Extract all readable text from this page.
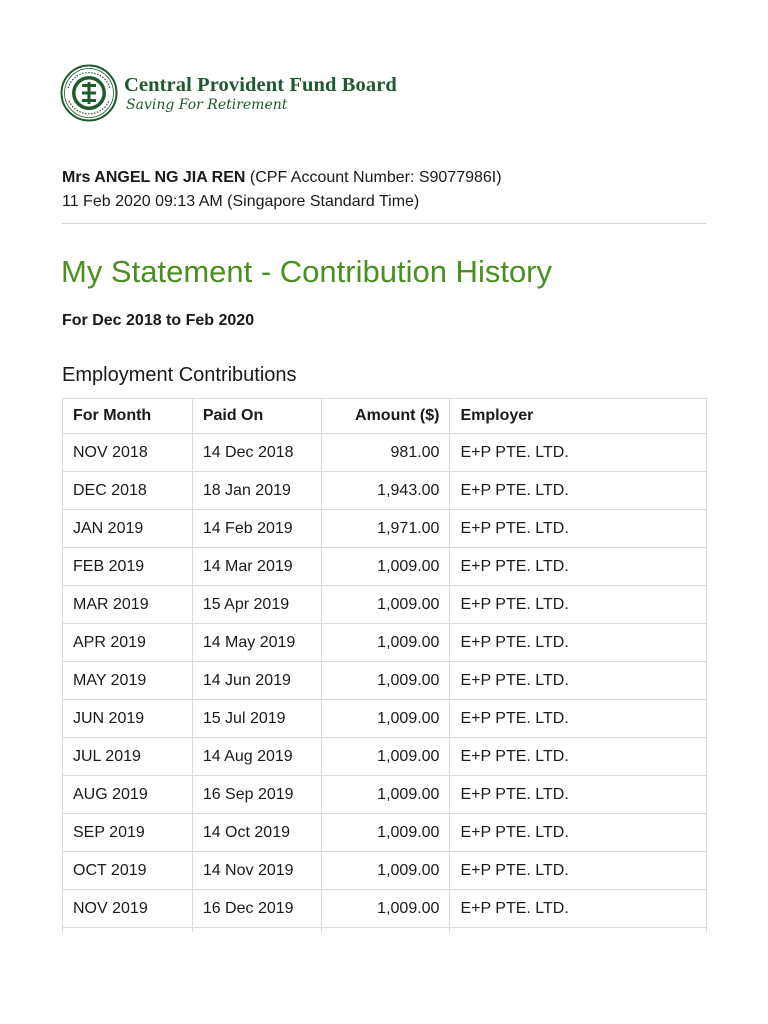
Central Provident Fund Board
Saving For Retirement
Mrs ANGEL NG JIA REN (CPF Account Number: S9077986I)
11 Feb 2020 09:13 AM (Singapore Standard Time)
My Statement - Contribution History
For Dec 2018 to Feb 2020
Employment Contributions
For Month	Paid On	Amount ($)	Employer
NOV 2018	14 Dec 2018	981.00	E+P PTE. LTD.
DEC 2018	18 Jan 2019	1,943.00	E+P PTE. LTD.
JAN 2019	14 Feb 2019	1,971.00	E+P PTE. LTD.
FEB 2019	14 Mar 2019	1,009.00	E+P PTE. LTD.
MAR 2019	15 Apr 2019	1,009.00	E+P PTE. LTD.
APR 2019	14 May 2019	1,009.00	E+P PTE. LTD.
MAY 2019	14 Jun 2019	1,009.00	E+P PTE. LTD.
JUN 2019	15 Jul 2019	1,009.00	E+P PTE. LTD.
JUL 2019	14 Aug 2019	1,009.00	E+P PTE. LTD.
AUG 2019	16 Sep 2019	1,009.00	E+P PTE. LTD.
SEP 2019	14 Oct 2019	1,009.00	E+P PTE. LTD.
OCT 2019	14 Nov 2019	1,009.00	E+P PTE. LTD.
NOV 2019	16 Dec 2019	1,009.00	E+P PTE. LTD.
